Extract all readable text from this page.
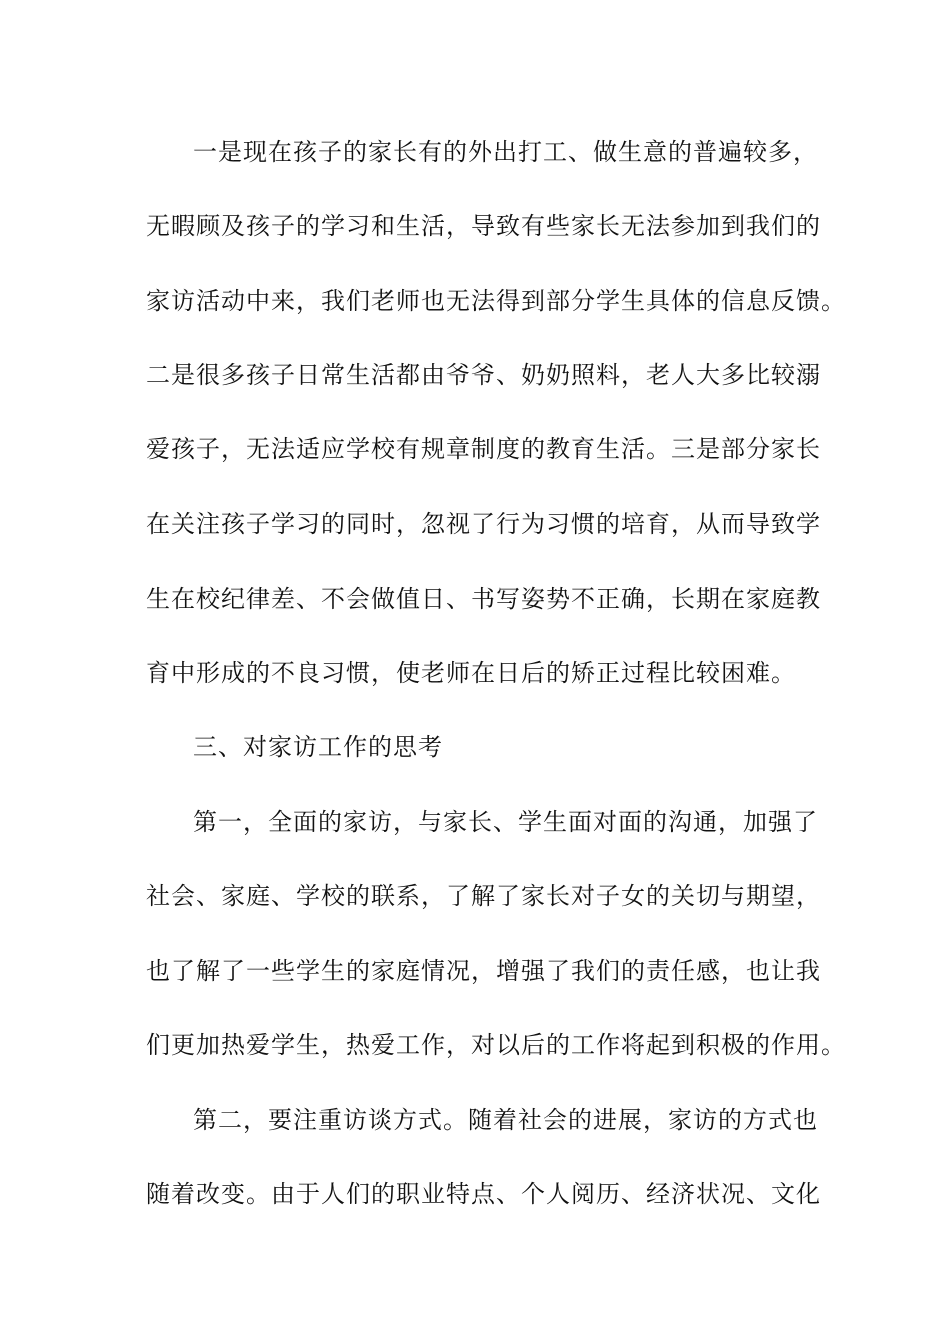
一是现在孩子的家长有的外出打工、做生意的普遍较多，
无暇顾及孩子的学习和生活，导致有些家长无法参加到我们的
家访活动中来，我们老师也无法得到部分学生具体的信息反馈。
二是很多孩子日常生活都由爷爷、奶奶照料，老人大多比较溺
爱孩子，无法适应学校有规章制度的教育生活。三是部分家长
在关注孩子学习的同时，忽视了行为习惯的培育，从而导致学
生在校纪律差、不会做值日、书写姿势不正确，长期在家庭教
育中形成的不良习惯，使老师在日后的矫正过程比较困难。
三、对家访工作的思考
第一，全面的家访，与家长、学生面对面的沟通，加强了
社会、家庭、学校的联系，了解了家长对子女的关切与期望，
也了解了一些学生的家庭情况，增强了我们的责任感，也让我
们更加热爱学生，热爱工作，对以后的工作将起到积极的作用。
第二，要注重访谈方式。随着社会的进展，家访的方式也
随着改变。由于人们的职业特点、个人阅历、经济状况、文化
